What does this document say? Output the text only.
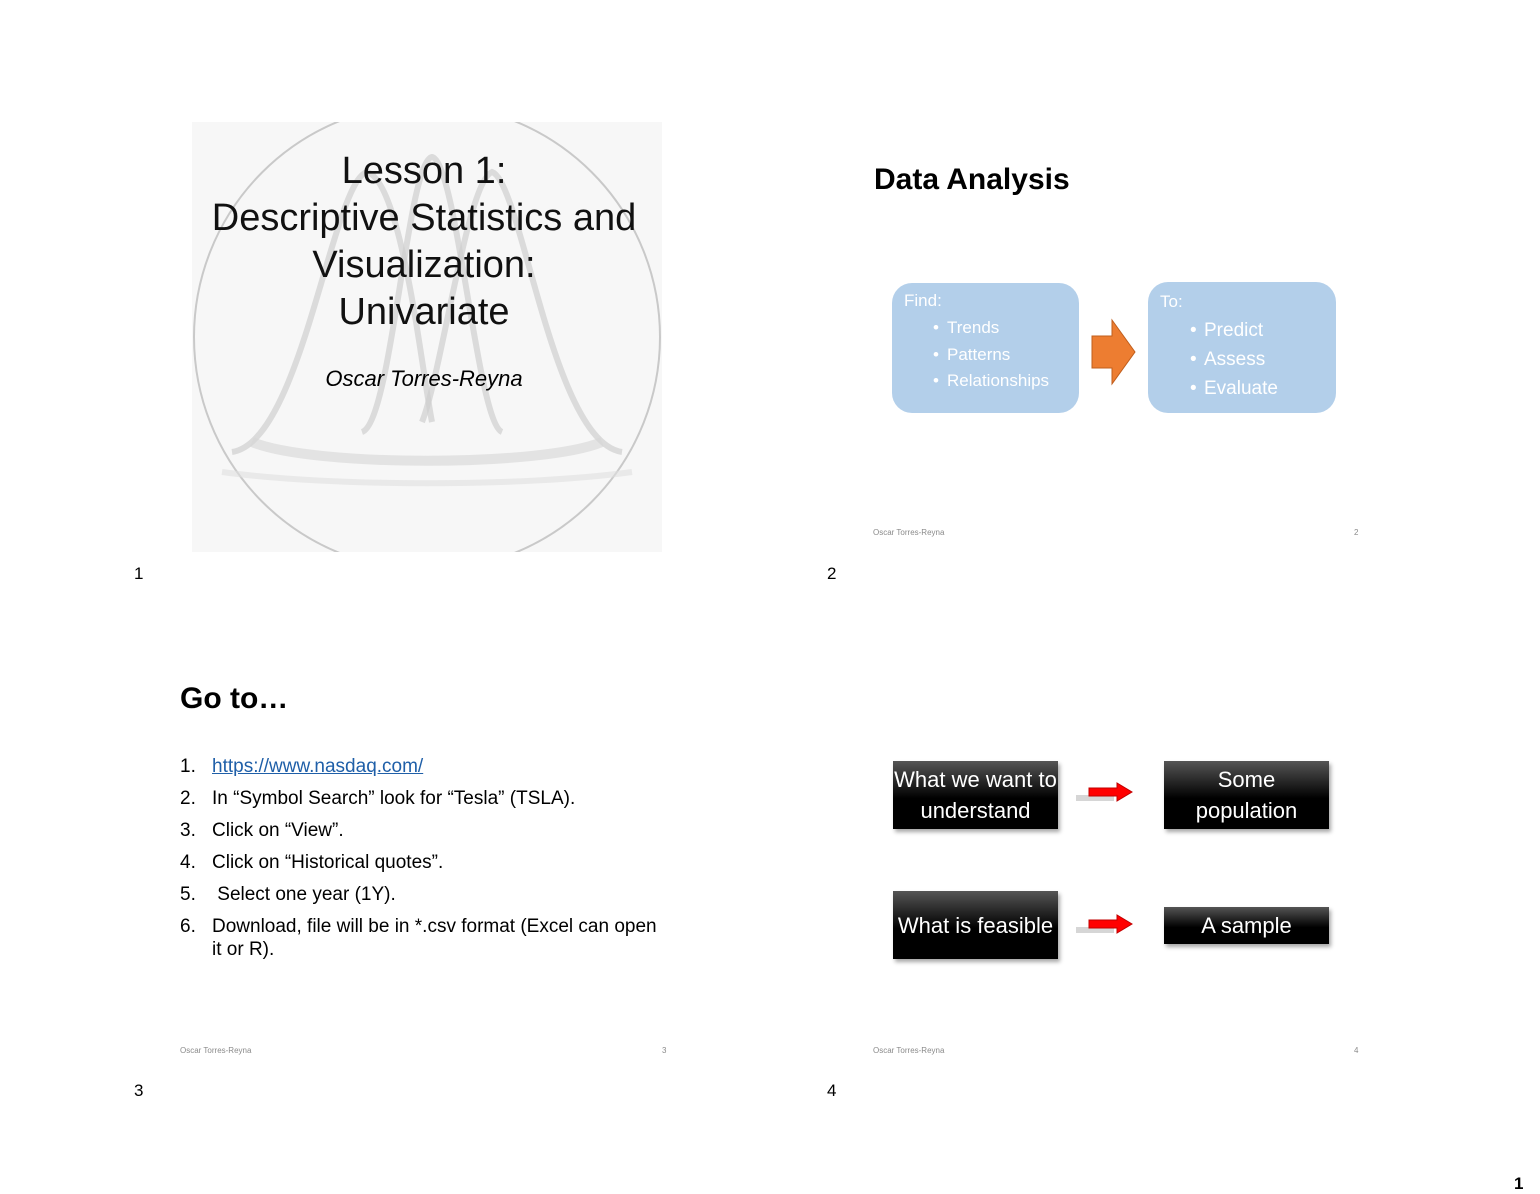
Lesson 1:
Descriptive Statistics and
Visualization:
Univariate
Oscar Torres-Reyna
1
Data Analysis
Find:
• Trends
• Patterns
• Relationships
To:
• Predict
• Assess
• Evaluate
Oscar Torres-Reyna	2
2
Go to…
1. https://www.nasdaq.com/
2. In “Symbol Search” look for “Tesla” (TSLA).
3. Click on “View”.
4. Click on “Historical quotes”.
5. Select one year (1Y).
6. Download, file will be in *.csv format (Excel can open it or R).
Oscar Torres-Reyna	3
3
What we want to understand
Some population
What is feasible	A sample
Oscar Torres-Reyna	4
4
1
